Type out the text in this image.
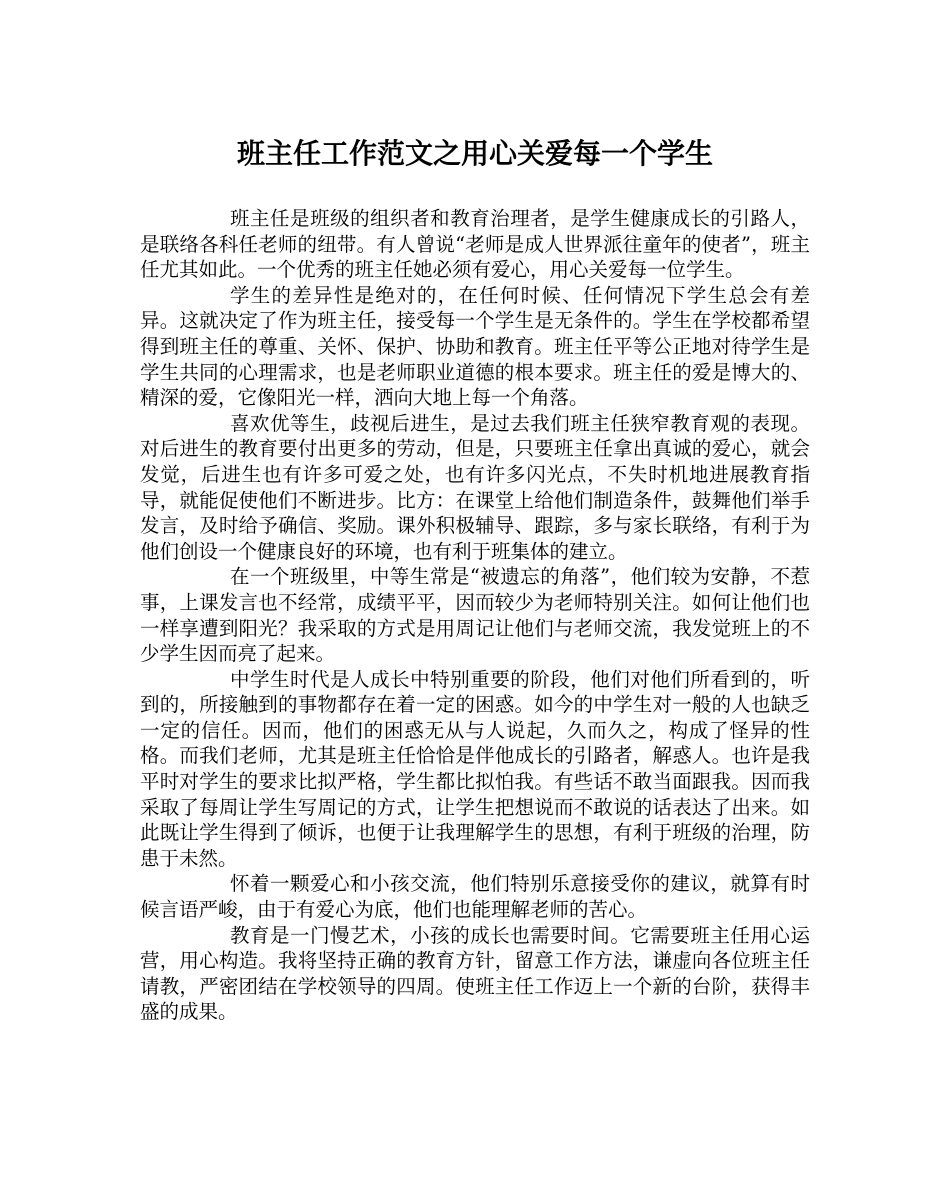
班主任工作范文之用心关爱每一个学生

班主任是班级的组织者和教育治理者，是学生健康成长的引路人，是联络各科任老师的纽带。有人曾说“老师是成人世界派往童年的使者”，班主任尤其如此。一个优秀的班主任她必须有爱心，用心关爱每一位学生。

学生的差异性是绝对的，在任何时候、任何情况下学生总会有差异。这就决定了作为班主任，接受每一个学生是无条件的。学生在学校都希望得到班主任的尊重、关怀、保护、协助和教育。班主任平等公正地对待学生是学生共同的心理需求，也是老师职业道德的根本要求。班主任的爱是博大的、精深的爱，它像阳光一样，洒向大地上每一个角落。

喜欢优等生，歧视后进生，是过去我们班主任狭窄教育观的表现。对后进生的教育要付出更多的劳动，但是，只要班主任拿出真诚的爱心，就会发觉，后进生也有许多可爱之处，也有许多闪光点，不失时机地进展教育指导，就能促使他们不断进步。比方：在课堂上给他们制造条件，鼓舞他们举手发言，及时给予确信、奖励。课外积极辅导、跟踪，多与家长联络，有利于为他们创设一个健康良好的环境，也有利于班集体的建立。

在一个班级里，中等生常是“被遗忘的角落”，他们较为安静，不惹事，上课发言也不经常，成绩平平，因而较少为老师特别关注。如何让他们也一样享遭到阳光？我采取的方式是用周记让他们与老师交流，我发觉班上的不少学生因而亮了起来。

中学生时代是人成长中特别重要的阶段，他们对他们所看到的，听到的，所接触到的事物都存在着一定的困惑。如今的中学生对一般的人也缺乏一定的信任。因而，他们的困惑无从与人说起，久而久之，构成了怪异的性格。而我们老师，尤其是班主任恰恰是伴他成长的引路者，解惑人。也许是我平时对学生的要求比拟严格，学生都比拟怕我。有些话不敢当面跟我。因而我采取了每周让学生写周记的方式，让学生把想说而不敢说的话表达了出来。如此既让学生得到了倾诉，也便于让我理解学生的思想，有利于班级的治理，防患于未然。

怀着一颗爱心和小孩交流，他们特别乐意接受你的建议，就算有时候言语严峻，由于有爱心为底，他们也能理解老师的苦心。

教育是一门慢艺术，小孩的成长也需要时间。它需要班主任用心运营，用心构造。我将坚持正确的教育方针，留意工作方法，谦虚向各位班主任请教，严密团结在学校领导的四周。使班主任工作迈上一个新的台阶，获得丰盛的成果。
